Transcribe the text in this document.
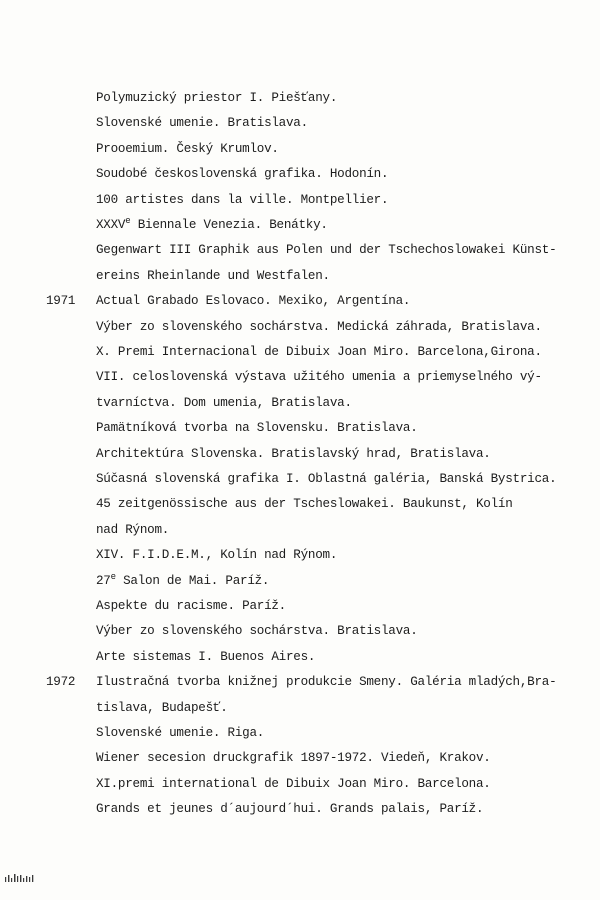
Polymuzický priestor I. Piešťany.
Slovenské umenie. Bratislava.
Prooemium. Český Krumlov.
Soudobé československá grafika. Hodonín.
100 artistes dans la ville. Montpellier.
XXXVe Biennale Venezia. Benátky.
Gegenwart III Graphik aus Polen und der Tschechoslowakei Künst-
ereins Rheinlande und Westfalen.
1971 Actual Grabado Eslovaco. Mexiko, Argentína.
Výber zo slovenského sochárstva. Medická záhrada, Bratislava.
X. Premi Internacional de Dibuix Joan Miro. Barcelona,Girona.
VII. celoslovenská výstava užitého umenia a priemyselného vý-
tvarníctva. Dom umenia, Bratislava.
Pamätníková tvorba na Slovensku. Bratislava.
Architektúra Slovenska. Bratislavský hrad, Bratislava.
Súčasná slovenská grafika I. Oblastná galéria, Banská Bystrica.
45 zeitgenössische aus der Tscheslowakei. Baukunst, Kolín
nad Rýnom.
XIV. F.I.D.E.M., Kolín nad Rýnom.
27e Salon de Mai. Paríž.
Aspekte du racisme. Paríž.
Výber zo slovenského sochárstva. Bratislava.
Arte sistemas I. Buenos Aires.
1972 Ilustračná tvorba knižnej produkcie Smeny. Galéria mladých,Bra-
tislava, Budapešť.
Slovenské umenie. Riga.
Wiener secesion druckgrafik 1897-1972. Viedeň, Krakov.
XI.premi international de Dibuix Joan Miro. Barcelona.
Grands et jeunes d´aujourd´hui. Grands palais, Paríž.
